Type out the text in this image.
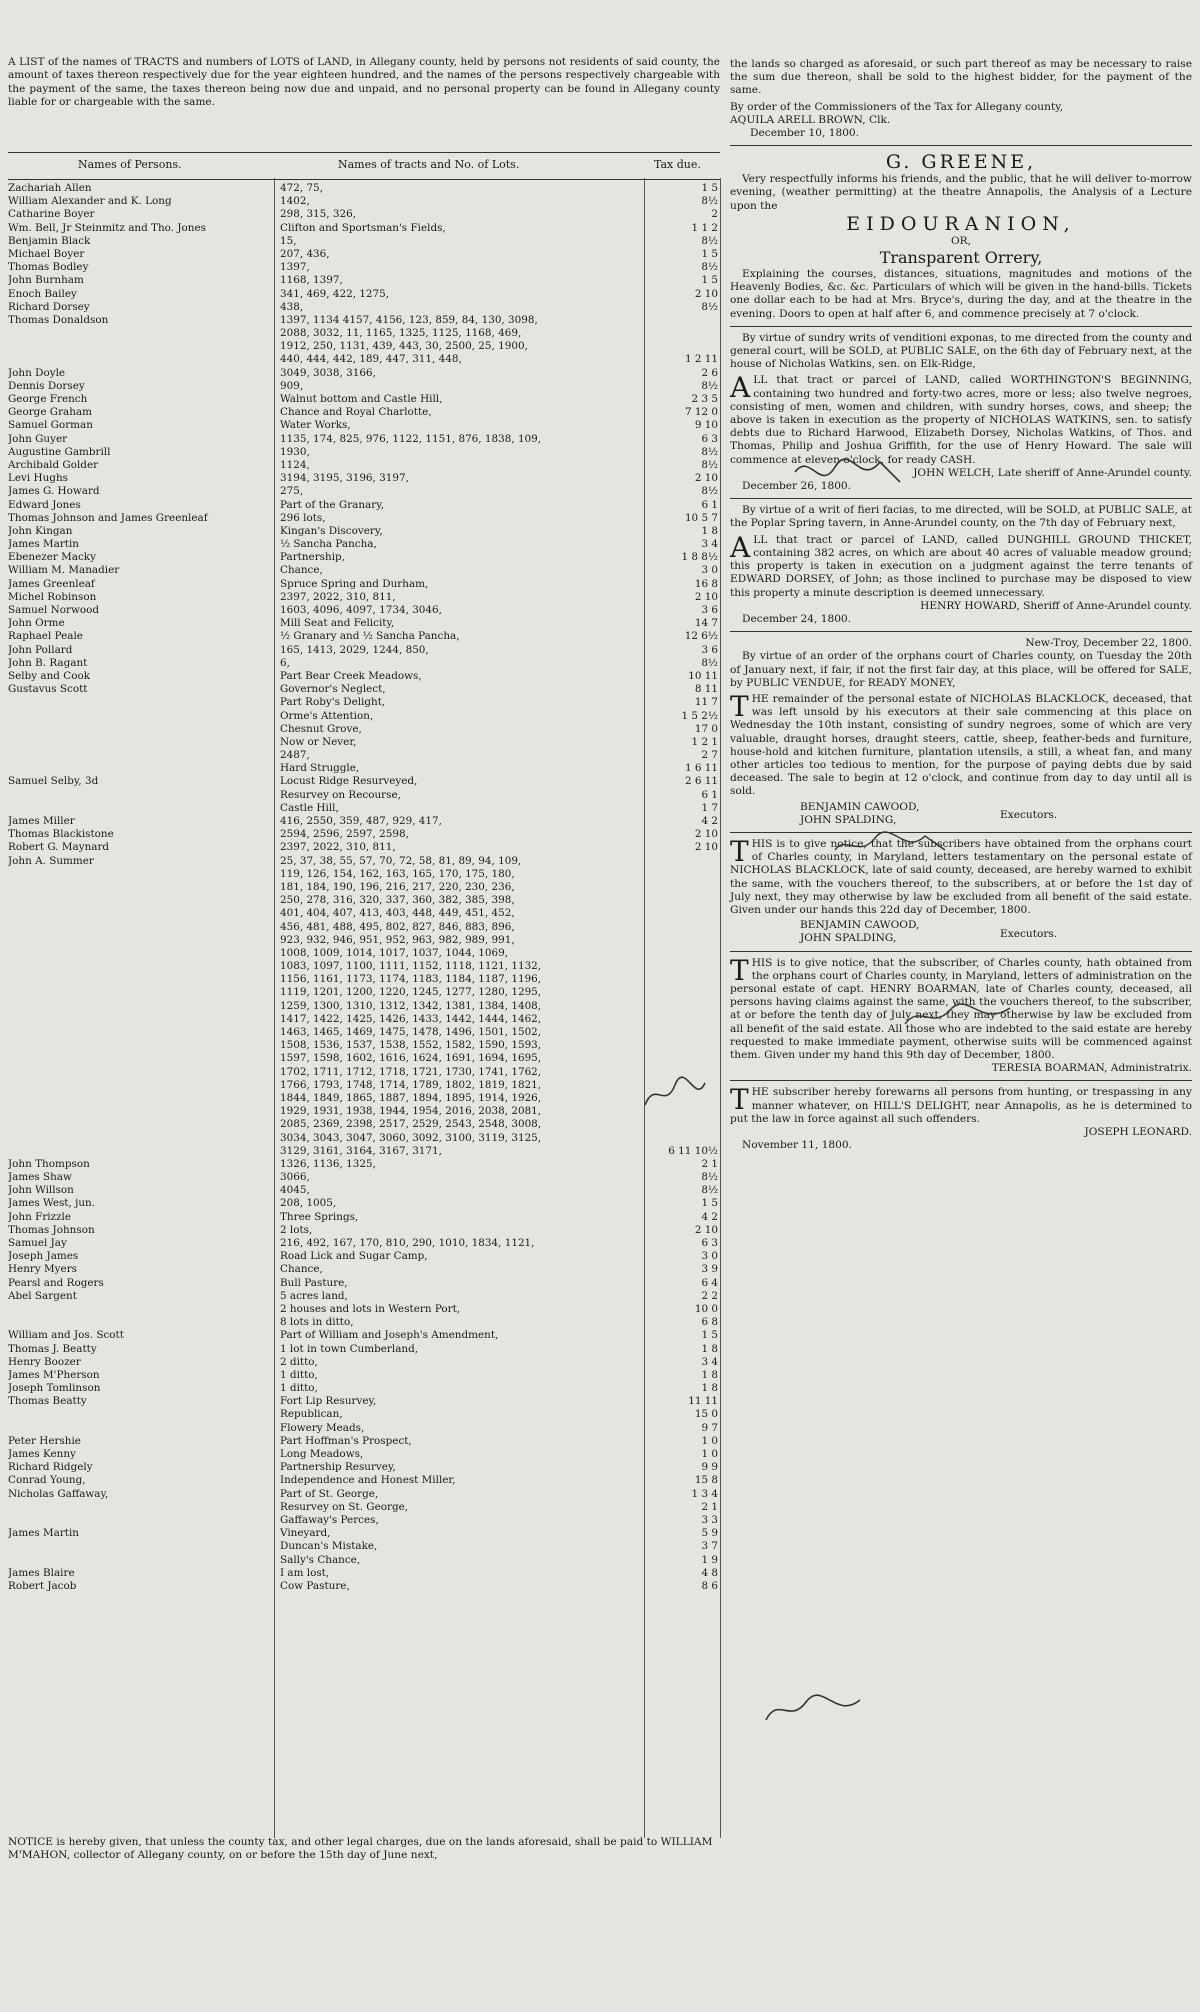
A LIST of the names of TRACTS and numbers of LOTS of LAND, in Allegany county, held by persons not residents of said county, the amount of taxes thereon respectively due for the year eighteen hundred, and the names of the persons respectively chargeable with the payment of the same, the taxes thereon being now due and unpaid, and no personal property can be found in Allegany county liable for or chargeable with the same.
Names of Persons.	Names of tracts and No. of Lots.	Tax due.
Zachariah Allen	472, 75,	1 5
William Alexander and K. Long	1402,	8½
Catharine Boyer	298, 315, 326,	2
Wm. Bell, Jr Steinmitz and Tho. Jones	Clifton and Sportsman's Fields,	1 1 2
Benjamin Black	15,	8½
Michael Boyer	207, 436,	1 5
Thomas Bodley	1397,	8½
John Burnham	1168, 1397,	1 5
Enoch Bailey	341, 469, 422, 1275,	2 10
Richard Dorsey	438,	8½
Thomas Donaldson	1397, 1134 4157, 4156, 123, 859, 84, 130, 3098,
2088, 3032, 11, 1165, 1325, 1125, 1168, 469,
1912, 250, 1131, 439, 443, 30, 2500, 25, 1900,
440, 444, 442, 189, 447, 311, 448,	1 2 11
John Doyle	3049, 3038, 3166,	2 6
Dennis Dorsey	909,	8½
George French	Walnut bottom and Castle Hill,	2 3 5
George Graham	Chance and Royal Charlotte,	7 12 0
Samuel Gorman	Water Works,	9 10
John Guyer	1135, 174, 825, 976, 1122, 1151, 876, 1838, 109,	6 3
Augustine Gambrill	1930,	8½
Archibald Golder	1124,	8½
Levi Hughs	3194, 3195, 3196, 3197,	2 10
James G. Howard	275,	8½
Edward Jones	Part of the Granary,	6 1
Thomas Johnson and James Greenleaf	296 lots,	10 5 7
John Kingan	Kingan's Discovery,	1 8
James Martin	½ Sancha Pancha,	3 4
Ebenezer Macky	Partnership,	1 8 8½
William M. Manadier	Chance,	3 0
James Greenleaf	Spruce Spring and Durham,	16 8
Michel Robinson	2397, 2022, 310, 811,	2 10
Samuel Norwood	1603, 4096, 4097, 1734, 3046,	3 6
John Orme	Mill Seat and Felicity,	14 7
Raphael Peale	½ Granary and ½ Sancha Pancha,	12 6½
John Pollard	165, 1413, 2029, 1244, 850,	3 6
John B. Ragant	6,	8½
Selby and Cook	Part Bear Creek Meadows,	10 11
Gustavus Scott	Governor's Neglect,	8 11
Part Roby's Delight,	11 7
Orme's Attention,	1 5 2½
Chesnut Grove,	17 0
Now or Never,	1 2 1
2487,	2 7
Hard Struggle,	1 6 11
Samuel Selby, 3d	Locust Ridge Resurveyed,	2 6 11
Resurvey on Recourse,	6 1
Castle Hill,	1 7
James Miller	416, 2550, 359, 487, 929, 417,	4 2
Thomas Blackistone	2594, 2596, 2597, 2598,	2 10
Robert G. Maynard	2397, 2022, 310, 811,	2 10
John A. Summer	25, 37, 38, 55, 57, 70, 72, 58, 81, 89, 94, 109,
119, 126, 154, 162, 163, 165, 170, 175, 180,
181, 184, 190, 196, 216, 217, 220, 230, 236,
250, 278, 316, 320, 337, 360, 382, 385, 398,
401, 404, 407, 413, 403, 448, 449, 451, 452,
456, 481, 488, 495, 802, 827, 846, 883, 896,
923, 932, 946, 951, 952, 963, 982, 989, 991,
1008, 1009, 1014, 1017, 1037, 1044, 1069,
1083, 1097, 1100, 1111, 1152, 1118, 1121, 1132,
1156, 1161, 1173, 1174, 1183, 1184, 1187, 1196,
1119, 1201, 1200, 1220, 1245, 1277, 1280, 1295,
1259, 1300, 1310, 1312, 1342, 1381, 1384, 1408,
1417, 1422, 1425, 1426, 1433, 1442, 1444, 1462,
1463, 1465, 1469, 1475, 1478, 1496, 1501, 1502,
1508, 1536, 1537, 1538, 1552, 1582, 1590, 1593,
1597, 1598, 1602, 1616, 1624, 1691, 1694, 1695,
1702, 1711, 1712, 1718, 1721, 1730, 1741, 1762,
1766, 1793, 1748, 1714, 1789, 1802, 1819, 1821,
1844, 1849, 1865, 1887, 1894, 1895, 1914, 1926,
1929, 1931, 1938, 1944, 1954, 2016, 2038, 2081,
2085, 2369, 2398, 2517, 2529, 2543, 2548, 3008,
3034, 3043, 3047, 3060, 3092, 3100, 3119, 3125,
3129, 3161, 3164, 3167, 3171,	6 11 10½
John Thompson	1326, 1136, 1325,	2 1
James Shaw	3066,	8½
John Willson	4045,	8½
James West, jun.	208, 1005,	1 5
John Frizzle	Three Springs,	4 2
Thomas Johnson	2 lots,	2 10
Samuel Jay	216, 492, 167, 170, 810, 290, 1010, 1834, 1121,	6 3
Joseph James	Road Lick and Sugar Camp,	3 0
Henry Myers	Chance,	3 9
Pearsl and Rogers	Bull Pasture,	6 4
Abel Sargent	5 acres land,	2 2
2 houses and lots in Western Port,	10 0
8 lots in ditto,	6 8
William and Jos. Scott	Part of William and Joseph's Amendment,	1 5
Thomas J. Beatty	1 lot in town Cumberland,	1 8
Henry Boozer	2 ditto,	3 4
James M'Pherson	1 ditto,	1 8
Joseph Tomlinson	1 ditto,	1 8
Thomas Beatty	Fort Lip Resurvey,	11 11
Republican,	15 0
Flowery Meads,	9 7
Peter Hershie	Part Hoffman's Prospect,	1 0
James Kenny	Long Meadows,	1 0
Richard Ridgely	Partnership Resurvey,	9 9
Conrad Young,	Independence and Honest Miller,	15 8
Nicholas Gaffaway,	Part of St. George,	1 3 4
Resurvey on St. George,	2 1
Gaffaway's Perces,	3 3
James Martin	Vineyard,	5 9
Duncan's Mistake,	3 7
Sally's Chance,	1 9
James Blaire	I am lost,	4 8
Robert Jacob	Cow Pasture,	8 6
NOTICE is hereby given, that unless the county tax, and other legal charges, due on the lands aforesaid, shall be paid to WILLIAM M'MAHON, collector of Allegany county, on or before the 15th day of June next,

the lands so charged as aforesaid, or such part thereof as may be necessary to raise the sum due thereon, shall be sold to the highest bidder, for the payment of the same.

By order of the Commissioners of the Tax for Allegany county,

AQUILA ARELL BROWN, Clk.

December 10, 1800.

G. GREENE,

Very respectfully informs his friends, and the public, that he will deliver to-morrow evening, (weather permitting) at the theatre Annapolis, the Analysis of a Lecture upon the

EIDOURANION,
OR,
Transparent Orrery,

Explaining the courses, distances, situations, magnitudes and motions of the Heavenly Bodies, &c. &c. Particulars of which will be given in the hand-bills. Tickets one dollar each to be had at Mrs. Bryce's, during the day, and at the theatre in the evening. Doors to open at half after 6, and commence precisely at 7 o'clock.

By virtue of sundry writs of venditioni exponas, to me directed from the county and general court, will be SOLD, at PUBLIC SALE, on the 6th day of February next, at the house of Nicholas Watkins, sen. on Elk-Ridge,

ALL that tract or parcel of LAND, called WORTHINGTON'S BEGINNING, containing two hundred and forty-two acres, more or less; also twelve negroes, consisting of men, women and children, with sundry horses, cows, and sheep; the above is taken in execution as the property of NICHOLAS WATKINS, sen. to satisfy debts due to Richard Harwood, Elizabeth Dorsey, Nicholas Watkins, of Thos. and Thomas, Philip and Joshua Griffith, for the use of Henry Howard. The sale will commence at eleven o'clock, for ready CASH.

JOHN WELCH, Late sheriff of Anne-Arundel county.

December 26, 1800.

By virtue of a writ of fieri facias, to me directed, will be SOLD, at PUBLIC SALE, at the Poplar Spring tavern, in Anne-Arundel county, on the 7th day of February next,

ALL that tract or parcel of LAND, called DUNGHILL GROUND THICKET, containing 382 acres, on which are about 40 acres of valuable meadow ground; this property is taken in execution on a judgment against the terre tenants of EDWARD DORSEY, of John; as those inclined to purchase may be disposed to view this property a minute description is deemed unnecessary.

HENRY HOWARD, Sheriff of Anne-Arundel county.

December 24, 1800.

New-Troy, December 22, 1800.

By virtue of an order of the orphans court of Charles county, on Tuesday the 20th of January next, if fair, if not the first fair day, at this place, will be offered for SALE, by PUBLIC VENDUE, for READY MONEY,

THE remainder of the personal estate of NICHOLAS BLACKLOCK, deceased, that was left unsold by his executors at their sale commencing at this place on Wednesday the 10th instant, consisting of sundry negroes, some of which are very valuable, draught horses, draught steers, cattle, sheep, feather-beds and furniture, house-hold and kitchen furniture, plantation utensils, a still, a wheat fan, and many other articles too tedious to mention, for the purpose of paying debts due by said deceased. The sale to begin at 12 o'clock, and continue from day to day until all is sold.

BENJAMIN CAWOOD,
JOHN SPALDING,	Executors.

THIS is to give notice, that the subscribers have obtained from the orphans court of Charles county, in Maryland, letters testamentary on the personal estate of NICHOLAS BLACKLOCK, late of said county, deceased, are hereby warned to exhibit the same, with the vouchers thereof, to the subscribers, at or before the 1st day of July next, they may otherwise by law be excluded from all benefit of the said estate. Given under our hands this 22d day of December, 1800.

BENJAMIN CAWOOD,
JOHN SPALDING,	Executors.

THIS is to give notice, that the subscriber, of Charles county, hath obtained from the orphans court of Charles county, in Maryland, letters of administration on the personal estate of capt. HENRY BOARMAN, late of Charles county, deceased, all persons having claims against the same, with the vouchers thereof, to the subscriber, at or before the tenth day of July next, they may otherwise by law be excluded from all benefit of the said estate. All those who are indebted to the said estate are hereby requested to make immediate payment, otherwise suits will be commenced against them. Given under my hand this 9th day of December, 1800.

TERESIA BOARMAN, Administratrix.

THE subscriber hereby forewarns all persons from hunting, or trespassing in any manner whatever, on HILL'S DELIGHT, near Annapolis, as he is determined to put the law in force against all such offenders.

JOSEPH LEONARD.

November 11, 1800.
